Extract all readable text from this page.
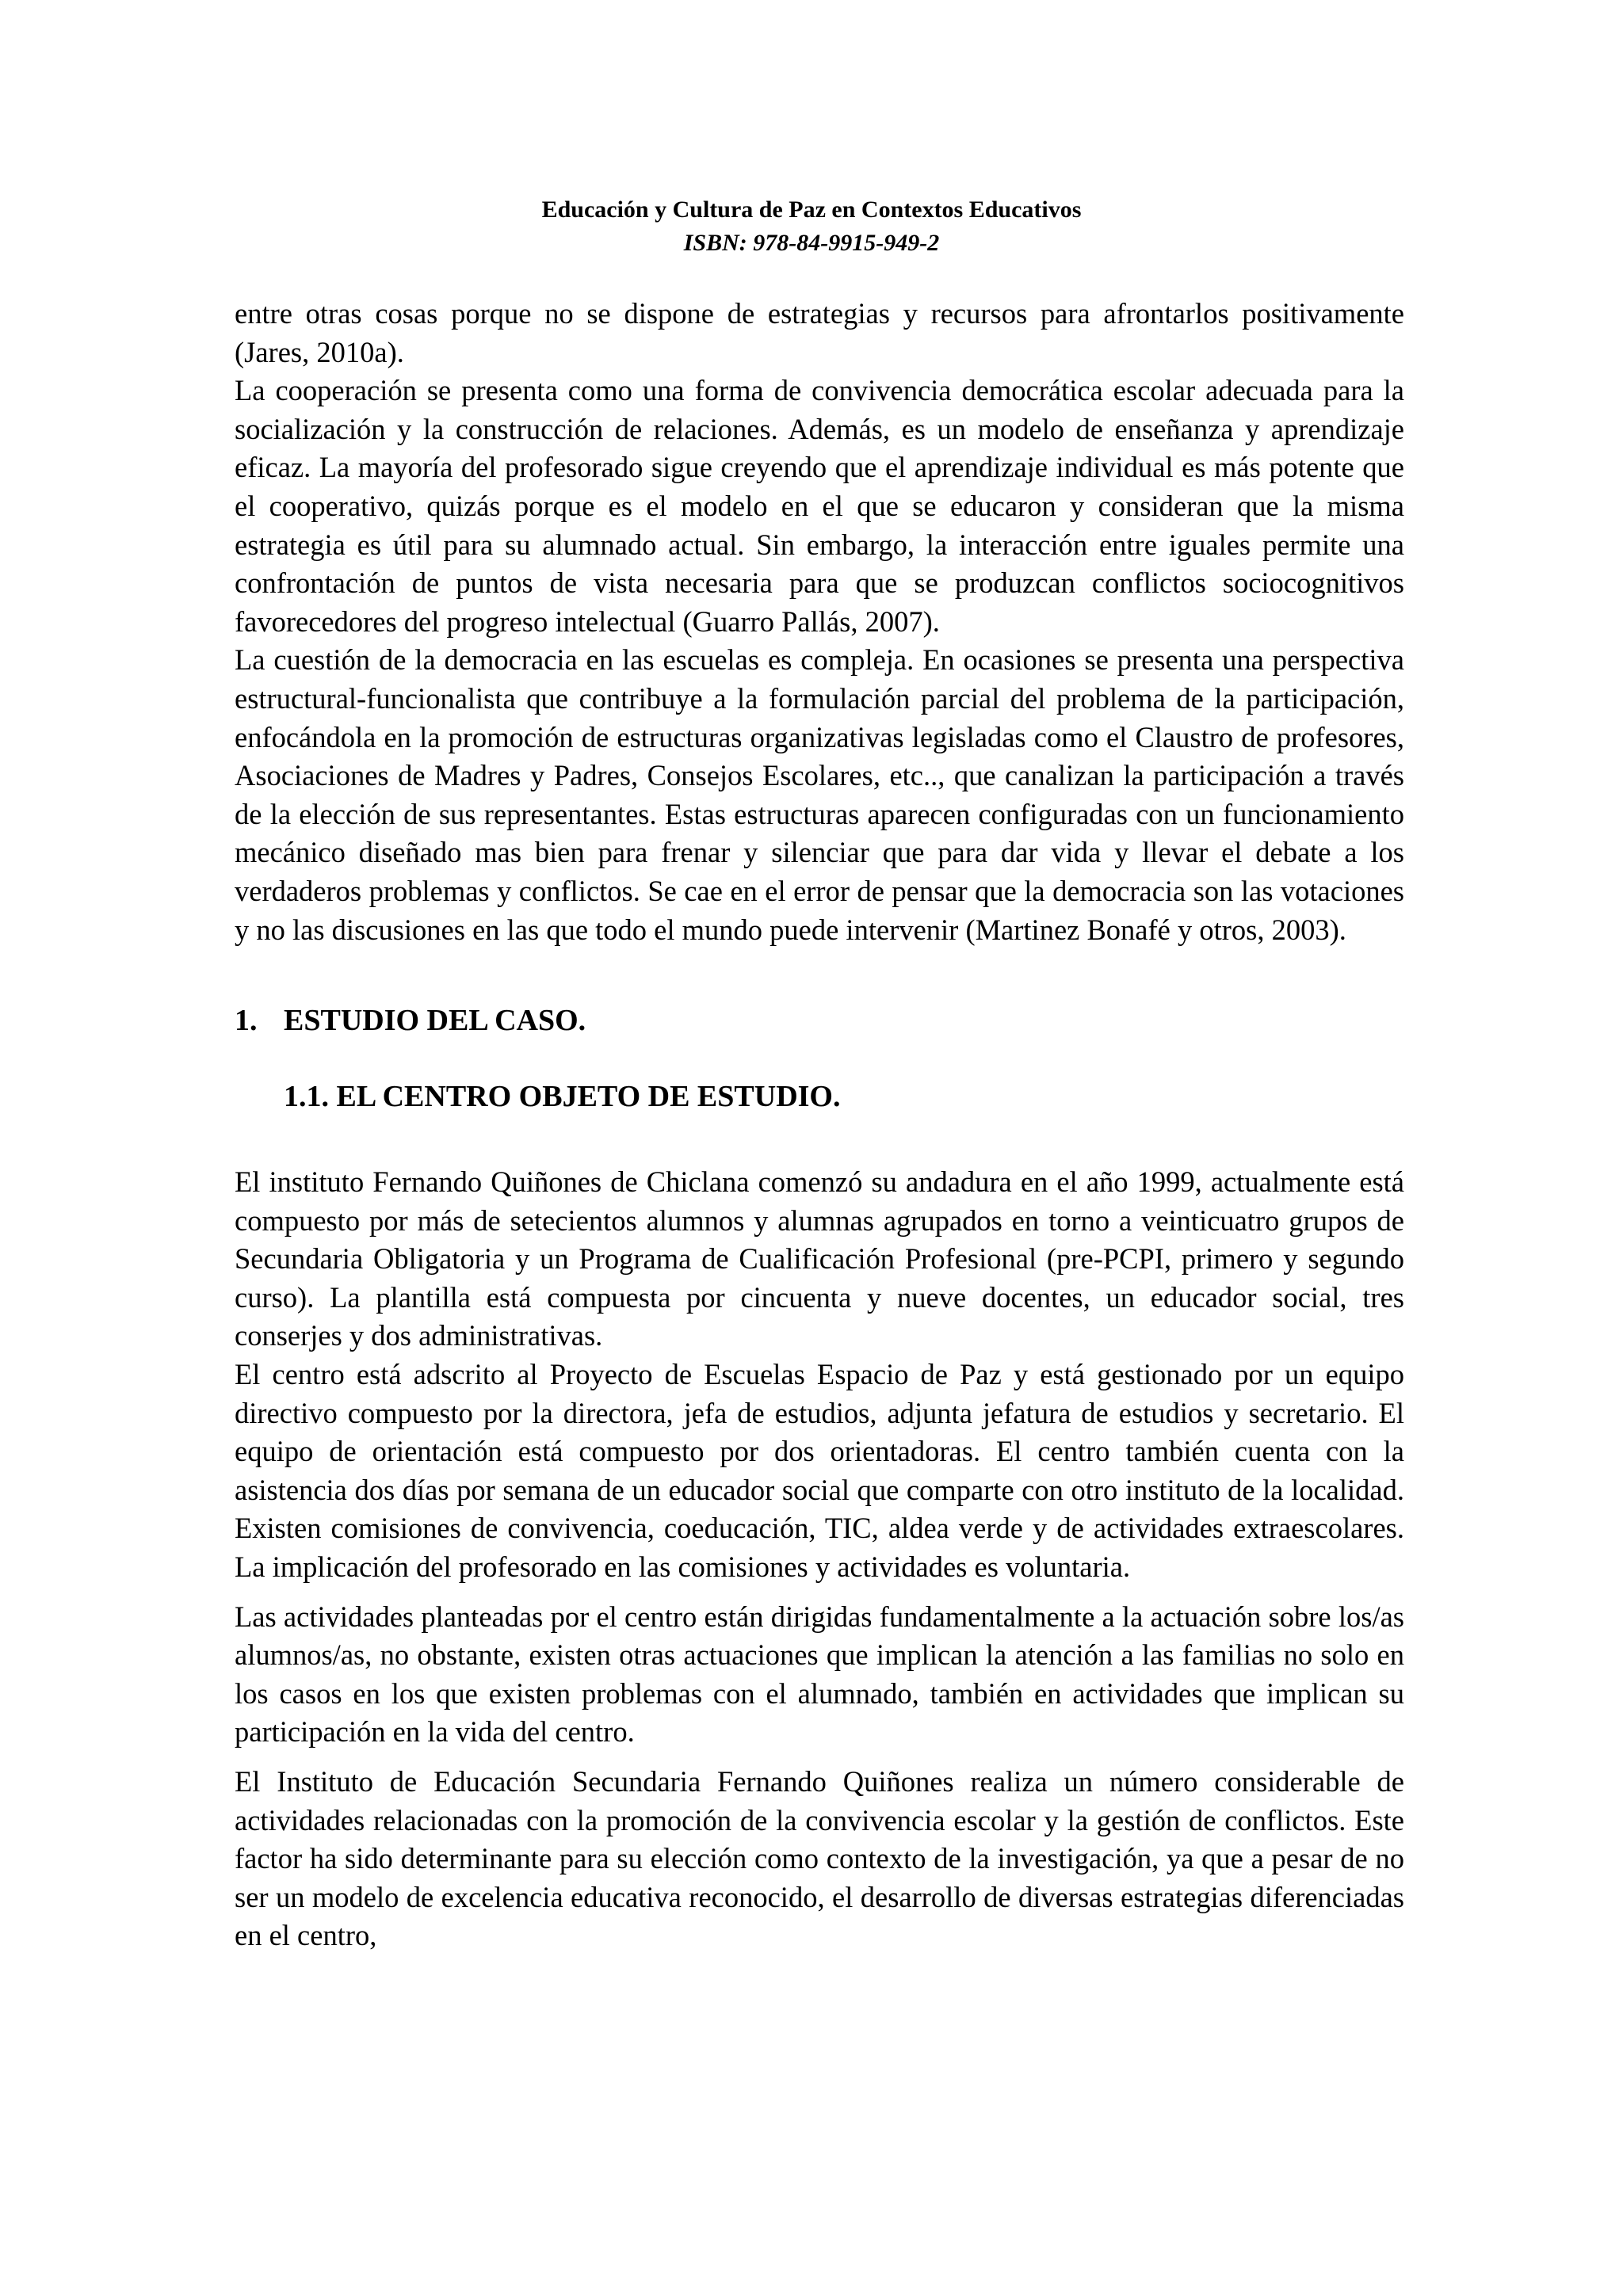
Educación y Cultura de Paz en Contextos Educativos
ISBN: 978-84-9915-949-2

entre otras cosas porque no se dispone de estrategias y recursos para afrontarlos positivamente (Jares, 2010a).

La cooperación se presenta como una forma de convivencia democrática escolar adecuada para la socialización y la construcción de relaciones. Además, es un modelo de enseñanza y aprendizaje eficaz. La mayoría del profesorado sigue creyendo que el aprendizaje individual es más potente que el cooperativo, quizás porque es el modelo en el que se educaron y consideran que la misma estrategia es útil para su alumnado actual. Sin embargo, la interacción entre iguales permite una confrontación de puntos de vista necesaria para que se produzcan conflictos sociocognitivos favorecedores del progreso intelectual (Guarro Pallás, 2007).

La cuestión de la democracia en las escuelas es compleja. En ocasiones se presenta una perspectiva estructural-funcionalista que contribuye a la formulación parcial del problema de la participación, enfocándola en la promoción de estructuras organizativas legisladas como el Claustro de profesores, Asociaciones de Madres y Padres, Consejos Escolares, etc.., que canalizan la participación a través de la elección de sus representantes. Estas estructuras aparecen configuradas con un funcionamiento mecánico diseñado mas bien para frenar y silenciar que para dar vida y llevar el debate a los verdaderos problemas y conflictos. Se cae en el error de pensar que la democracia son las votaciones y no las discusiones en las que todo el mundo puede intervenir (Martinez Bonafé y otros, 2003).

1. ESTUDIO DEL CASO.
1.1. EL CENTRO OBJETO DE ESTUDIO.

El instituto Fernando Quiñones de Chiclana comenzó su andadura en el año 1999, actualmente está compuesto por más de setecientos alumnos y alumnas agrupados en torno a veinticuatro grupos de Secundaria Obligatoria y un Programa de Cualificación Profesional (pre-PCPI, primero y segundo curso). La plantilla está compuesta por cincuenta y nueve docentes, un educador social, tres conserjes y dos administrativas.

El centro está adscrito al Proyecto de Escuelas Espacio de Paz y está gestionado por un equipo directivo compuesto por la directora, jefa de estudios, adjunta jefatura de estudios y secretario. El equipo de orientación está compuesto por dos orientadoras. El centro también cuenta con la asistencia dos días por semana de un educador social que comparte con otro instituto de la localidad. Existen comisiones de convivencia, coeducación, TIC, aldea verde y de actividades extraescolares. La implicación del profesorado en las comisiones y actividades es voluntaria.

Las actividades planteadas por el centro están dirigidas fundamentalmente a la actuación sobre los/as alumnos/as, no obstante, existen otras actuaciones que implican la atención a las familias no solo en los casos en los que existen problemas con el alumnado, también en actividades que implican su participación en la vida del centro.

El Instituto de Educación Secundaria Fernando Quiñones realiza un número considerable de actividades relacionadas con la promoción de la convivencia escolar y la gestión de conflictos. Este factor ha sido determinante para su elección como contexto de la investigación, ya que a pesar de no ser un modelo de excelencia educativa reconocido, el desarrollo de diversas estrategias diferenciadas en el centro,
